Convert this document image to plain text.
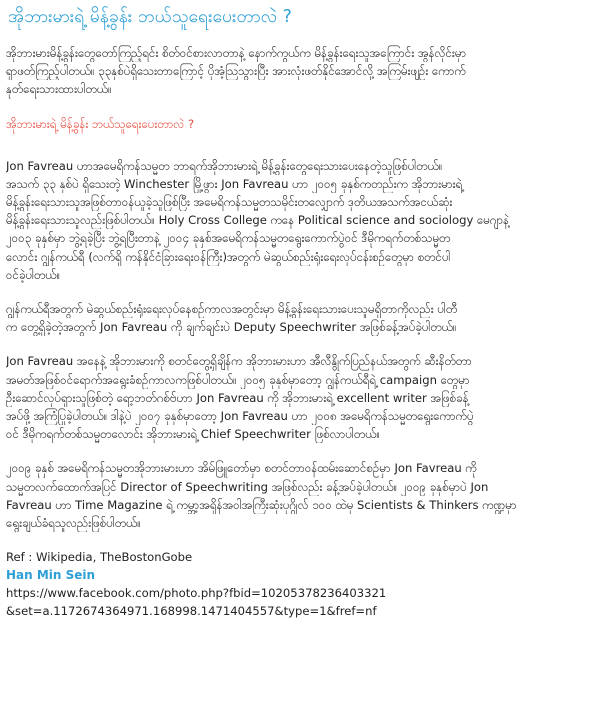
အိုဘားမားရဲ့ မိန့်ခွန်း ဘယ်သူရေးပေးတာလဲ ?
အိုဘားမားမိန့်ခွန်းတွေတော်ကြည့်ရင်း စိတ်ဝင်စားလာတာနဲ့ နောက်ကွယ်က မိန့်ခွန်းရေးသူအကြောင်း အွန်လိုင်းမှာ
ရှာဖတ်ကြည့်ပါတယ်။ ၃၃နှစ်ပဲရှိသေးတာကြောင့် ပိုအံ့သြသွားပြီး အားလုံးဖတ်နိုင်အောင်လို့ အကြမ်းဖျဉ်း ကောက်
နုတ်ရေးသားထားပါတယ်။
အိုဘားမားရဲ့ မိန့်ခွန်း ဘယ်သူရေးပေးတာလဲ ?
Jon Favreau ဟာအမေရိကန်သမ္မတ ဘာရက်အိုဘားမားရဲ့ မိန့်ခွန်းတွေရေးသားပေးနေတဲ့သူဖြစ်ပါတယ်။
အသက် ၃၃ နှစ်ပဲ ရှိသေးတဲ့ Winchester မြို့ဖွား Jon Favreau ဟာ ၂၀၀၅ ခုနှစ်ကတည်းက အိုဘားမားရဲ့
မိန့်ခွန်းရေးသားသူအဖြစ်တာဝန်ယူခဲ့သူဖြစ်ပြီး အမေရိကန်သမ္မတသမိုင်းတလျှောက် ဒုတိယအသက်အငယ်ဆုံး
မိန့်ခွန်းရေးသားသူလည်းဖြစ်ပါတယ်။ Holy Cross College ကနေ Political science and sociology မေဂျာနဲ့
၂၀၀၃ ခုနှစ်မှာ ဘွဲ့ရခဲ့ပြီး ဘွဲ့ရပြီးတာနဲ့ ၂၀၀၄ ခုနှစ်အမေရိကန်သမ္မတရွေးကောက်ပွဲဝင် ဒီမိုကရက်တစ်သမ္မတ
လောင်း ဂျွန်ကယ်ရီ (လက်ရှိ ကန်နိုင်ငံခြားရေးဝန်ကြီး)အတွက် မဲဆွယ်စည်းရုံးရေးလုပ်ငန်းစဉ်တွေမှာ စတင်ပါ
ဝင်ခဲ့ပါတယ်။
ဂျွန်ကယ်ရီအတွက် မဲဆွယ်စည်းရုံးရေးလုပ်နေစဉ်ကာလအတွင်းမှာ မိန့်ခွန်းရေးသားပေးသူမရှိတာကိုလည်း ပါတီ
က တွေ့ရှိခဲ့တဲ့အတွက် Jon Favreau ကို ချက်ချင်းပဲ Deputy Speechwriter အဖြစ်ခန့်အပ်ခဲ့ပါတယ်။
Jon Favreau အနေနဲ့ အိုဘားမားကို စတင်တွေ့ရှိချိန်က အိုဘားမားဟာ အီလီနွိုက်ပြည်နယ်အတွက် ဆီးနိတ်တာ
အမတ်အဖြစ်ဝင်ရောက်အရွေးခံစဉ်ကာလကဖြစ်ပါတယ်။ ၂၀၀၅ ခုနှစ်မှာတော့ ဂျွန်ကယ်ရီရဲ့ campaign တွေမှာ
ဦးဆောင်လုပ်ရှားသူဖြစ်တဲ့ ရော့ဘတ်ဂစ်ဗ်ဟာ Jon Favreau ကို အိုဘားမားရဲ့ excellent writer အဖြစ်ခန့်
အပ်ဖို့ အကြံပြုခဲ့ပါတယ်။ ဒါနဲ့ပဲ ၂၀၀၇ ခုနှစ်မှာတော့ Jon Favreau ဟာ ၂၀၀၈ အမေရိကန်သမ္မတရွေးကောက်ပွဲ
ဝင် ဒီမိုကရက်တစ်သမ္မတလောင်း အိုဘားမားရဲ့ Chief Speechwriter ဖြစ်လာပါတယ်။
၂၀၀၉ ခုနှစ် အမေရိကန်သမ္မတအိုဘားမားဟာ အိမ်ဖြူတော်မှာ စတင်တာဝန်ထမ်းဆောင်စဉ်မှာ Jon Favreau ကို
သမ္မတလက်ထောက်အပြင် Director of Speechwriting အဖြစ်လည်း ခန့်အပ်ခဲ့ပါတယ်။ ၂၀၀၉ ခုနှစ်မှာပဲ Jon
Favreau ဟာ Time Magazine ရဲ့ ကမ္ဘာ့အရှိန်အဝါအကြီးဆုံးပုဂ္ဂိုလ် ၁၀၀ ထဲမှ Scientists & Thinkers ကဏ္ဍမှာ
ရွေးချယ်ခံရသူလည်းဖြစ်ပါတယ်။
Ref : Wikipedia, TheBostonGobe
Han Min Sein
https://www.facebook.com/photo.php?fbid=10205378236403321
&set=a.1172674364971.168998.1471404557&type=1&fref=nf
